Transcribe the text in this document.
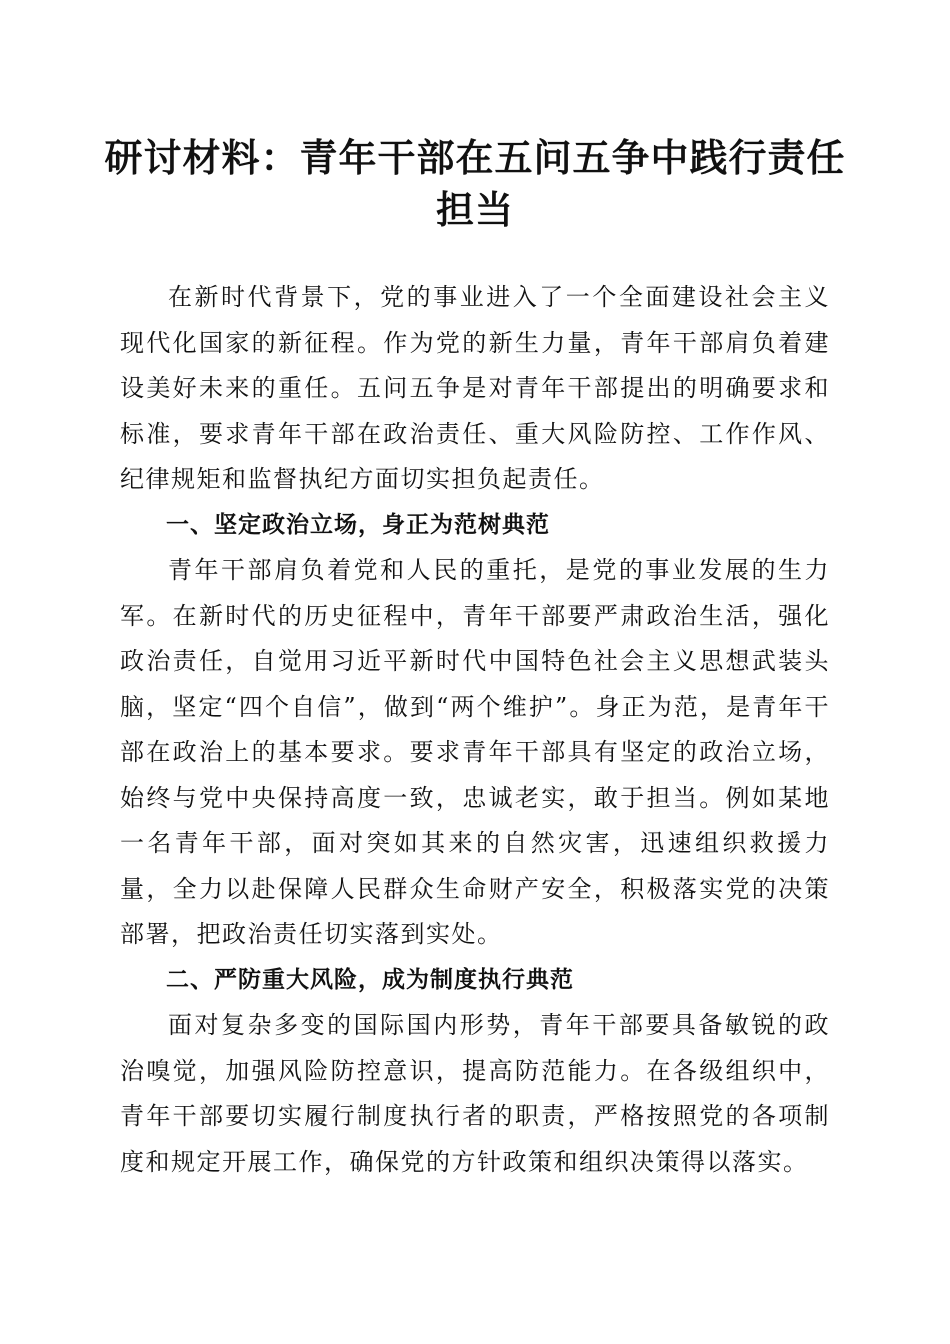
研讨材料：青年干部在五问五争中践行责任担当

在新时代背景下，党的事业进入了一个全面建设社会主义现代化国家的新征程。作为党的新生力量，青年干部肩负着建设美好未来的重任。五问五争是对青年干部提出的明确要求和标准，要求青年干部在政治责任、重大风险防控、工作作风、纪律规矩和监督执纪方面切实担负起责任。

一、坚定政治立场，身正为范树典范

青年干部肩负着党和人民的重托，是党的事业发展的生力军。在新时代的历史征程中，青年干部要严肃政治生活，强化政治责任，自觉用习近平新时代中国特色社会主义思想武装头脑，坚定“四个自信”，做到“两个维护”。身正为范，是青年干部在政治上的基本要求。要求青年干部具有坚定的政治立场，始终与党中央保持高度一致，忠诚老实，敢于担当。例如某地一名青年干部，面对突如其来的自然灾害，迅速组织救援力量，全力以赴保障人民群众生命财产安全，积极落实党的决策部署，把政治责任切实落到实处。

二、严防重大风险，成为制度执行典范

面对复杂多变的国际国内形势，青年干部要具备敏锐的政治嗅觉，加强风险防控意识，提高防范能力。在各级组织中，青年干部要切实履行制度执行者的职责，严格按照党的各项制度和规定开展工作，确保党的方针政策和组织决策得以落实。
